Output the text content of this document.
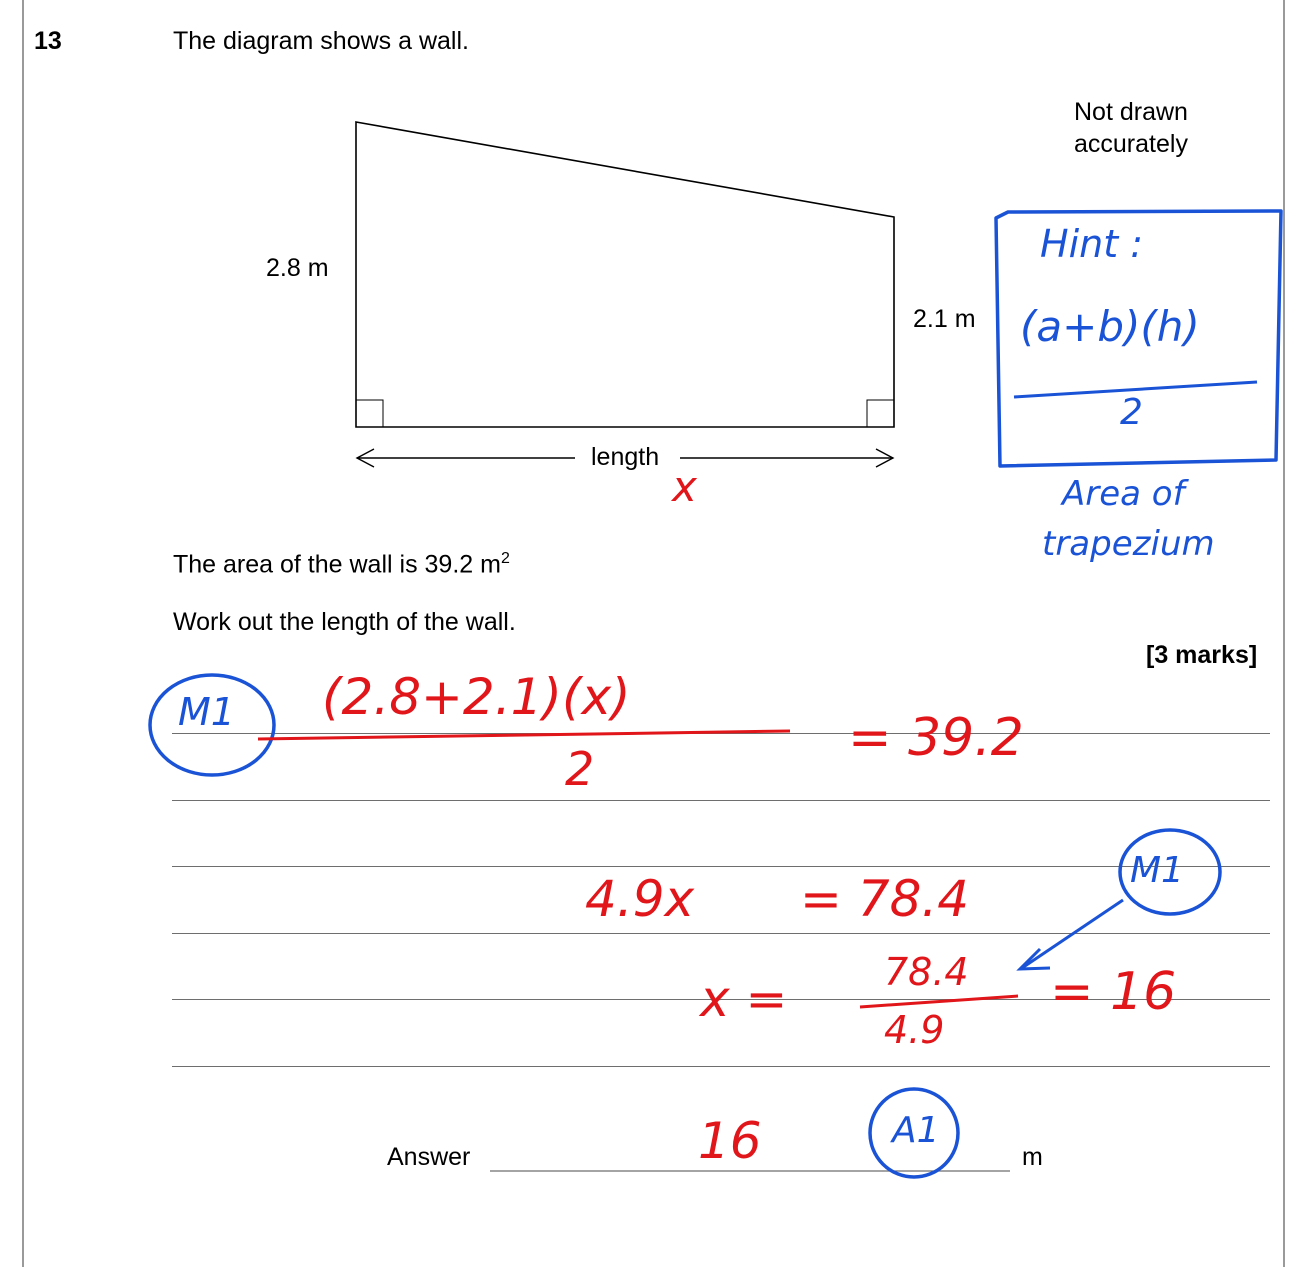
13	The diagram shows a wall.
Not drawn
accurately
2.8 m
2.1 m
length
x
Hint :
(a+b)(h)
2
Area of
trapezium
The area of the wall is 39.2 $m^2$
Work out the length of the wall.
[3 marks]
M1 (2.8+2.1)(x)
2
= 39.2
4.9x = 78.4	M1
x =	78.4
4.9
= 16
Answer	16	A1
m
